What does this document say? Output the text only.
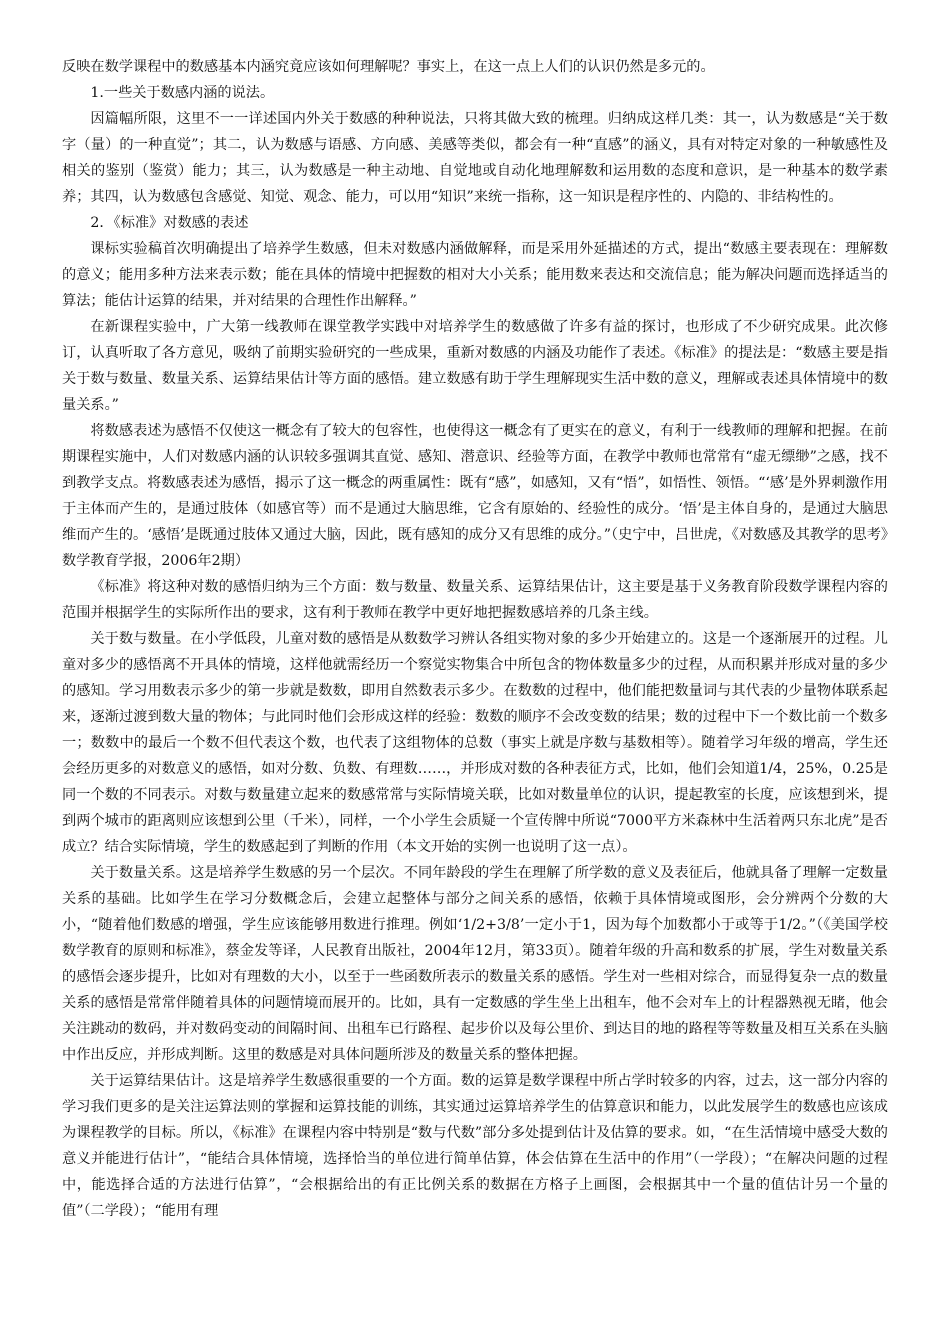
反映在数学课程中的数感基本内涵究竟应该如何理解呢？事实上，在这一点上人们的认识仍然是多元的。

1.一些关于数感内涵的说法。

因篇幅所限，这里不一一详述国内外关于数感的种种说法，只将其做大致的梳理。归纳成这样几类：其一，认为数感是“关于数字（量）的一种直觉”；其二，认为数感与语感、方向感、美感等类似，都会有一种“直感”的涵义，具有对特定对象的一种敏感性及相关的鉴别（鉴赏）能力；其三，认为数感是一种主动地、自觉地或自动化地理解数和运用数的态度和意识，是一种基本的数学素养；其四，认为数感包含感觉、知觉、观念、能力，可以用“知识”来统一指称，这一知识是程序性的、内隐的、非结构性的。

2．《标准》对数感的表述

课标实验稿首次明确提出了培养学生数感，但未对数感内涵做解释，而是采用外延描述的方式，提出“数感主要表现在：理解数的意义；能用多种方法来表示数；能在具体的情境中把握数的相对大小关系；能用数来表达和交流信息；能为解决问题而选择适当的算法；能估计运算的结果，并对结果的合理性作出解释。”

在新课程实验中，广大第一线教师在课堂教学实践中对培养学生的数感做了许多有益的探讨，也形成了不少研究成果。此次修订，认真听取了各方意见，吸纳了前期实验研究的一些成果，重新对数感的内涵及功能作了表述。《标准》的提法是：“数感主要是指关于数与数量、数量关系、运算结果估计等方面的感悟。建立数感有助于学生理解现实生活中数的意义，理解或表述具体情境中的数量关系。”

将数感表述为感悟不仅使这一概念有了较大的包容性，也使得这一概念有了更实在的意义，有利于一线教师的理解和把握。在前期课程实施中，人们对数感内涵的认识较多强调其直觉、感知、潜意识、经验等方面，在教学中教师也常常有“虚无缥缈”之感，找不到教学支点。将数感表述为感悟，揭示了这一概念的两重属性：既有“感”，如感知，又有“悟”，如悟性、领悟。“‘感’是外界刺激作用于主体而产生的，是通过肢体（如感官等）而不是通过大脑思维，它含有原始的、经验性的成分。‘悟’是主体自身的，是通过大脑思维而产生的。‘感悟’是既通过肢体又通过大脑，因此，既有感知的成分又有思维的成分。”（史宁中，吕世虎，《对数感及其教学的思考》数学教育学报，2006年2期）

《标准》将这种对数的感悟归纳为三个方面：数与数量、数量关系、运算结果估计，这主要是基于义务教育阶段数学课程内容的范围并根据学生的实际所作出的要求，这有利于教师在教学中更好地把握数感培养的几条主线。

关于数与数量。在小学低段，儿童对数的感悟是从数数学习辨认各组实物对象的多少开始建立的。这是一个逐渐展开的过程。儿童对多少的感悟离不开具体的情境，这样他就需经历一个察觉实物集合中所包含的物体数量多少的过程，从而积累并形成对量的多少的感知。学习用数表示多少的第一步就是数数，即用自然数表示多少。在数数的过程中，他们能把数量词与其代表的少量物体联系起来，逐渐过渡到数大量的物体；与此同时他们会形成这样的经验：数数的顺序不会改变数的结果；数的过程中下一个数比前一个数多一；数数中的最后一个数不但代表这个数，也代表了这组物体的总数（事实上就是序数与基数相等）。随着学习年级的增高，学生还会经历更多的对数意义的感悟，如对分数、负数、有理数……，并形成对数的各种表征方式，比如，他们会知道1/4，25%，0.25是同一个数的不同表示。对数与数量建立起来的数感常常与实际情境关联，比如对数量单位的认识，提起教室的长度，应该想到米，提到两个城市的距离则应该想到公里（千米），同样，一个小学生会质疑一个宣传牌中所说“7000平方米森林中生活着两只东北虎”是否成立？结合实际情境，学生的数感起到了判断的作用（本文开始的实例一也说明了这一点）。

关于数量关系。这是培养学生数感的另一个层次。不同年龄段的学生在理解了所学数的意义及表征后，他就具备了理解一定数量关系的基础。比如学生在学习分数概念后，会建立起整体与部分之间关系的感悟，依赖于具体情境或图形，会分辨两个分数的大小，“随着他们数感的增强，学生应该能够用数进行推理。例如‘1/2+3/8’一定小于1，因为每个加数都小于或等于1/2。”（《美国学校数学教育的原则和标准》，蔡金发等译，人民教育出版社，2004年12月，第33页）。随着年级的升高和数系的扩展，学生对数量关系的感悟会逐步提升，比如对有理数的大小，以至于一些函数所表示的数量关系的感悟。学生对一些相对综合，而显得复杂一点的数量关系的感悟是常常伴随着具体的问题情境而展开的。比如，具有一定数感的学生坐上出租车，他不会对车上的计程器熟视无睹，他会关注跳动的数码，并对数码变动的间隔时间、出租车已行路程、起步价以及每公里价、到达目的地的路程等等数量及相互关系在头脑中作出反应，并形成判断。这里的数感是对具体问题所涉及的数量关系的整体把握。

关于运算结果估计。这是培养学生数感很重要的一个方面。数的运算是数学课程中所占学时较多的内容，过去，这一部分内容的学习我们更多的是关注运算法则的掌握和运算技能的训练，其实通过运算培养学生的估算意识和能力，以此发展学生的数感也应该成为课程教学的目标。所以，《标准》在课程内容中特别是“数与代数”部分多处提到估计及估算的要求。如，“在生活情境中感受大数的意义并能进行估计”，“能结合具体情境，选择恰当的单位进行简单估算，体会估算在生活中的作用”（一学段）；“在解决问题的过程中，能选择合适的方法进行估算”，“会根据给出的有正比例关系的数据在方格子上画图，会根据其中一个量的值估计另一个量的值”（二学段）；“能用有理
